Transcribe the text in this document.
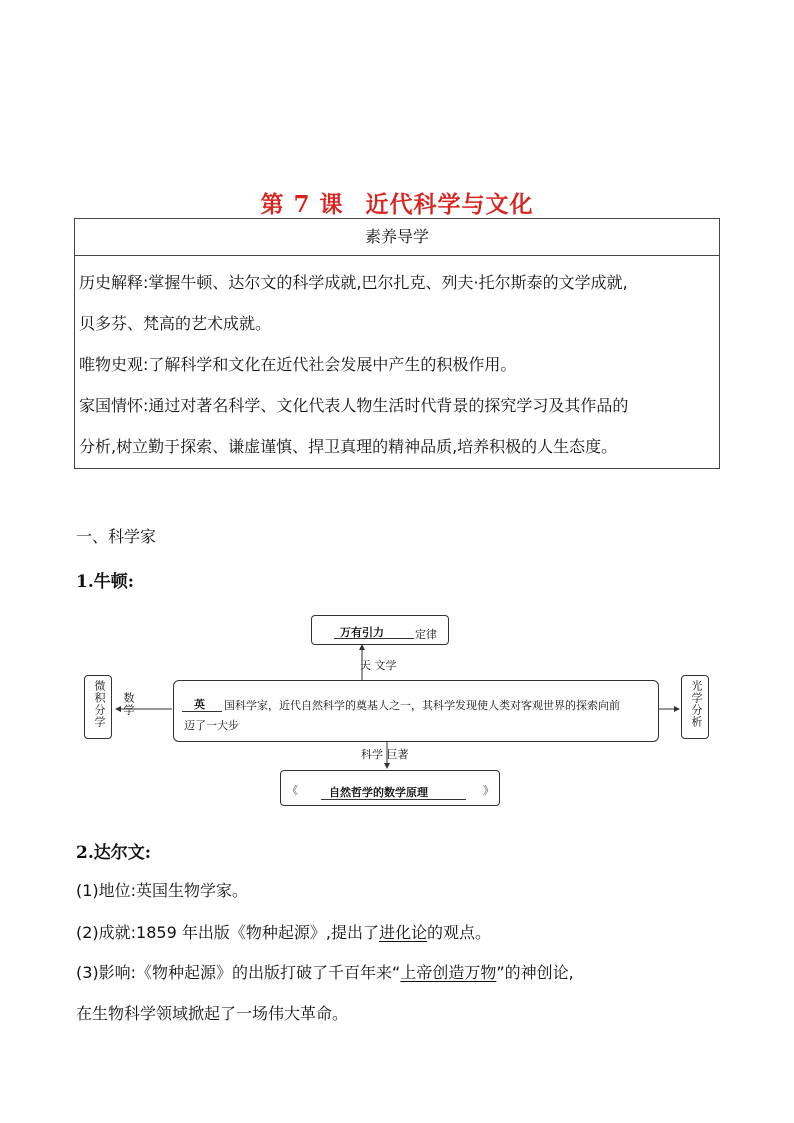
第 7 课 近代科学与文化
素养导学

历史解释:掌握牛顿、达尔文的科学成就,巴尔扎克、列夫·托尔斯泰的文学成就,

贝多芬、梵高的艺术成就。

唯物史观:了解科学和文化在近代社会发展中产生的积极作用。

家国情怀:通过对著名科学、文化代表人物生活时代背景的探究学习及其作品的

分析,树立勤于探索、谦虚谨慎、捍卫真理的精神品质,培养积极的人生态度。

一、科学家
1.牛顿:
万有引力	定律
天 文学
微积分学 数学	英 国科学家，近代自然科学的奠基人之一，其科学发现使人类对客观世界的探索向前
迈了一大步	光学分析
科学 巨著
《	自然哲学的数学原理	》
2.达尔文:
(1)地位:英国生物学家。
(2)成就:1859 年出版《物种起源》,提出了进化论的观点。
(3)影响:《物种起源》的出版打破了千百年来“上帝创造万物”的神创论,
在生物科学领域掀起了一场伟大革命。
